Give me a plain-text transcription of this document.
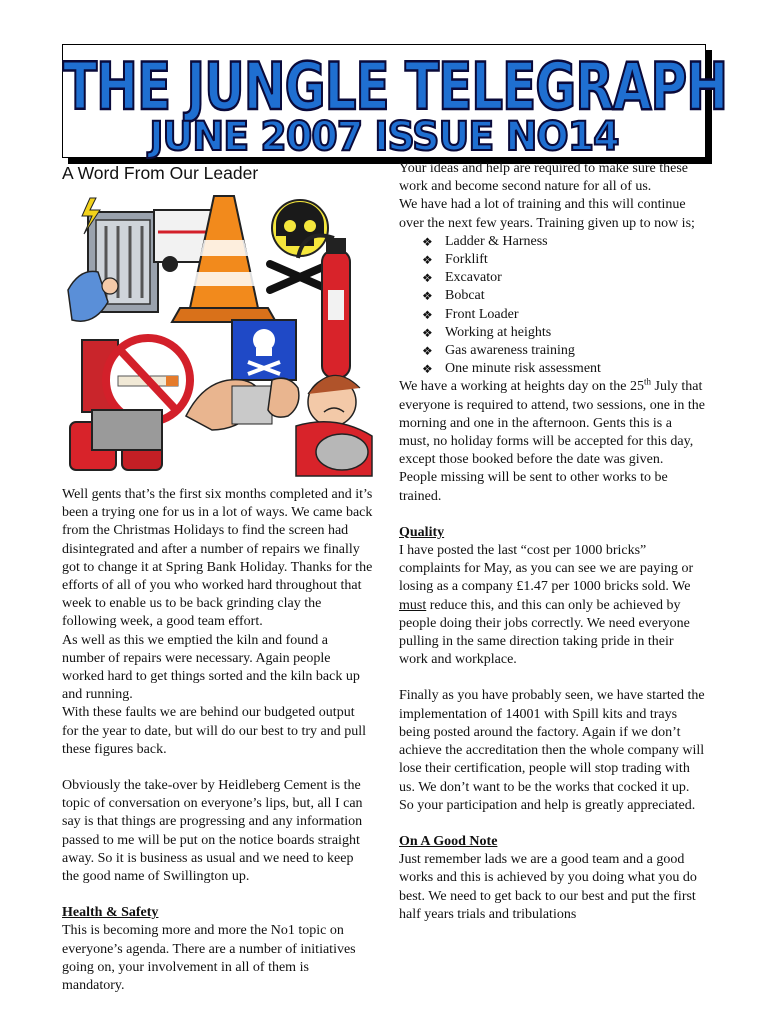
THE JUNGLE TELEGRAPH
JUNE 2007 ISSUE NO14
A Word From Our Leader

Well gents that’s the first six months completed and it’s been a trying one for us in a lot of ways. We came back from the Christmas Holidays to find the screen had disintegrated and after a number of repairs we finally got to change it at Spring Bank Holiday. Thanks for the efforts of all of you who worked hard throughout that week to enable us to be back grinding clay the following week, a good team effort.

As well as this we emptied the kiln and found a number of repairs were necessary. Again people worked hard to get things sorted and the kiln back up and running.

With these faults we are behind our budgeted output for the year to date, but will do our best to try and pull these figures back.

Obviously the take-over by Heidleberg Cement is the topic of conversation on everyone’s lips, but, all I can say is that things are progressing and any information passed to me will be put on the notice boards straight away. So it is business as usual and we need to keep the good name of Swillington up.

Health & Safety

This is becoming more and more the No1 topic on everyone’s agenda. There are a number of initiatives going on, your involvement in all of them is mandatory.

Your ideas and help are required to make sure these work and become second nature for all of us.

We have had a lot of training and this will continue over the next few years. Training given up to now is;

❖ Ladder & Harness
❖ Forklift
❖ Excavator
❖ Bobcat
❖ Front Loader
❖ Working at heights
❖ Gas awareness training
❖ One minute risk assessment

We have a working at heights day on the 25th July that everyone is required to attend, two sessions, one in the morning and one in the afternoon. Gents this is a must, no holiday forms will be accepted for this day, except those booked before the date was given.

People missing will be sent to other works to be trained.

Quality

I have posted the last “cost per 1000 bricks” complaints for May, as you can see we are paying or losing as a company £1.47 per 1000 bricks sold. We must reduce this, and this can only be achieved by people doing their jobs correctly. We need everyone pulling in the same direction taking pride in their work and workplace.

Finally as you have probably seen, we have started the implementation of 14001 with Spill kits and trays being posted around the factory. Again if we don’t achieve the accreditation then the whole company will lose their certification, people will stop trading with us. We don’t want to be the works that cocked it up. So your participation and help is greatly appreciated.

On A Good Note

Just remember lads we are a good team and a good works and this is achieved by you doing what you do best. We need to get back to our best and put the first half years trials and tribulations
